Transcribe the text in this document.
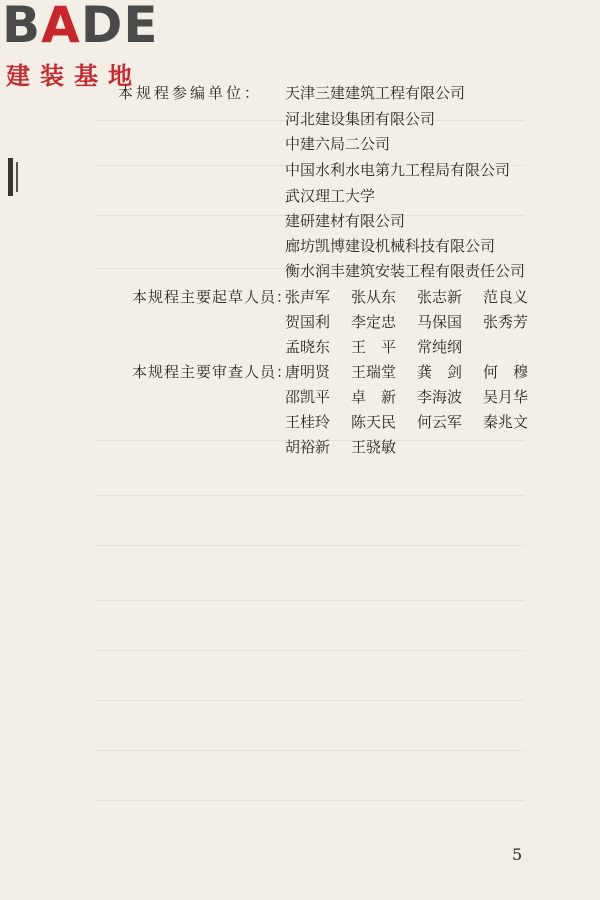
BADE
建装基地
本规程参编单位： 天津三建建筑工程有限公司
河北建设集团有限公司
中建六局二公司
中国水利水电第九工程局有限公司
武汉理工大学
建研建材有限公司
廊坊凯博建设机械科技有限公司
衡水润丰建筑安装工程有限责任公司
本规程主要起草人员：
张声军 张从东 张志新 范良义
贺国利 李定忠 马保国 张秀芳
孟晓东 王　平 常纯纲
本规程主要审查人员：
唐明贤 王瑞堂 龚　剑 何　穆
邵凯平 卓　新 李海波 吴月华
王桂玲 陈天民 何云军 秦兆文
胡裕新 王骁敏
5
